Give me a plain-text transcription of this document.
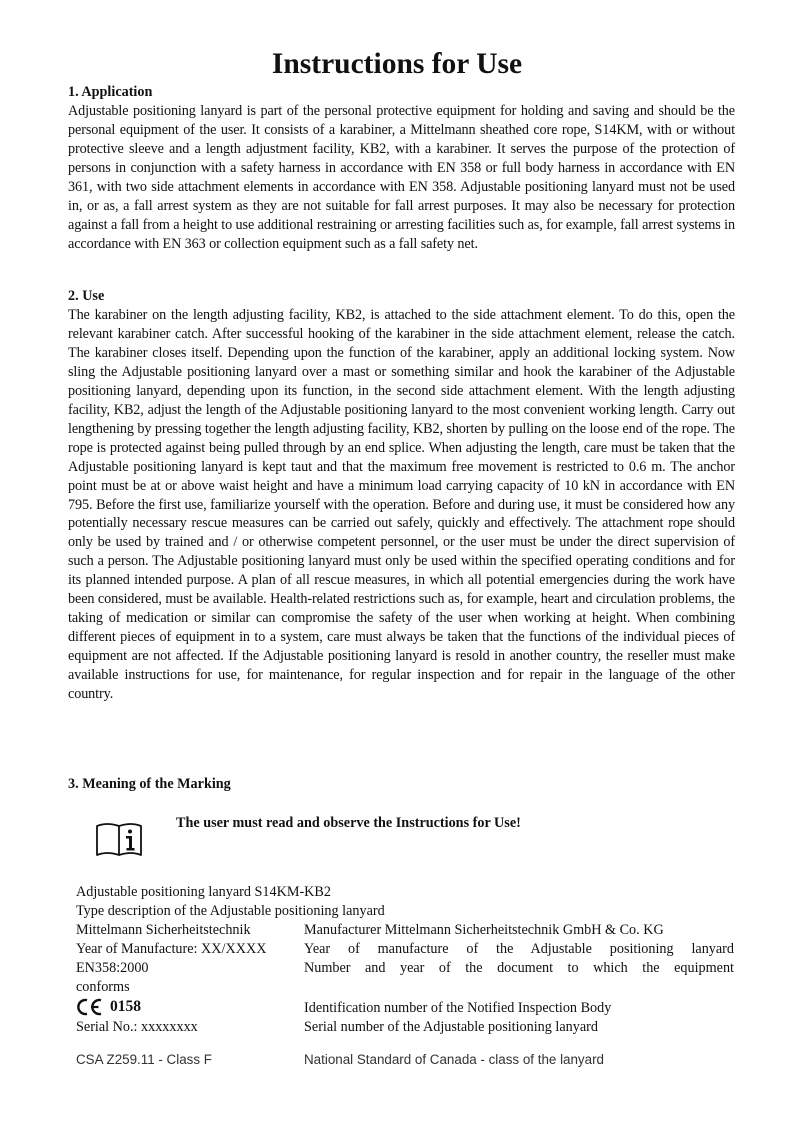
Instructions for Use
1. Application

Adjustable positioning lanyard is part of the personal protective equipment for holding and saving and should be the personal equipment of the user. It consists of a karabiner, a Mittelmann sheathed core rope, S14KM, with or without protective sleeve and a length adjustment facility, KB2, with a karabiner. It serves the purpose of the protection of persons in conjunction with a safety harness in accordance with EN 358 or full body harness in accordance with EN 361, with two side attachment elements in accordance with EN 358. Adjustable positioning lanyard must not be used in, or as, a fall arrest system as they are not suitable for fall arrest purposes. It may also be necessary for protection against a fall from a height to use additional restraining or arresting facilities such as, for example, fall arrest systems in accordance with EN 363 or collection equipment such as a fall safety net.

2. Use

The karabiner on the length adjusting facility, KB2, is attached to the side attachment element. To do this, open the relevant karabiner catch. After successful hooking of the karabiner in the side attachment element, release the catch. The karabiner closes itself. Depending upon the function of the karabiner, apply an additional locking system. Now sling the Adjustable positioning lanyard over a mast or something similar and hook the karabiner of the Adjustable positioning lanyard, depending upon its function, in the second side attachment element. With the length adjusting facility, KB2, adjust the length of the Adjustable positioning lanyard to the most convenient working length. Carry out lengthening by pressing together the length adjusting facility, KB2, shorten by pulling on the loose end of the rope. The rope is protected against being pulled through by an end splice. When adjusting the length, care must be taken that the Adjustable positioning lanyard is kept taut and that the maximum free movement is restricted to 0.6 m. The anchor point must be at or above waist height and have a minimum load carrying capacity of 10 kN in accordance with EN 795. Before the first use, familiarize yourself with the operation. Before and during use, it must be considered how any potentially necessary rescue measures can be carried out safely, quickly and effectively. The attachment rope should only be used by trained and / or otherwise competent personnel, or the user must be under the direct supervision of such a person. The Adjustable positioning lanyard must only be used within the specified operating conditions and for its planned intended purpose. A plan of all rescue measures, in which all potential emergencies during the work have been considered, must be available. Health-related restrictions such as, for example, heart and circulation problems, the taking of medication or similar can compromise the safety of the user when working at height. When combining different pieces of equipment in to a system, care must always be taken that the functions of the individual pieces of equipment are not affected. If the Adjustable positioning lanyard is resold in another country, the reseller must make available instructions for use, for maintenance, for regular inspection and for repair in the language of the other country.

3. Meaning of the Marking

The user must read and observe the Instructions for Use!

Adjustable positioning lanyard S14KM-KB2

Type description of the Adjustable positioning lanyard

Mittelmann Sicherheitstechnik	Manufacturer Mittelmann Sicherheitstechnik GmbH & Co. KG

Year of Manufacture: XX/XXXX	Year of manufacture of the Adjustable positioning lanyard

EN358:2000	Number and year of the document to which the equipment

conforms

0158	Identification number of the Notified Inspection Body

Serial No.: xxxxxxxx	Serial number of the Adjustable positioning lanyard

CSA Z259.11 - Class F	National Standard of Canada - class of the lanyard
